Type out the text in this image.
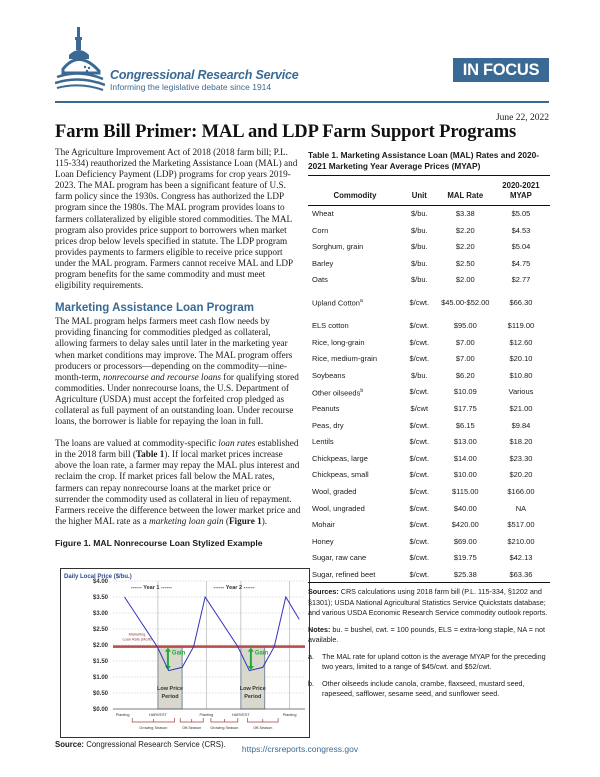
Congressional Research Service
Informing the legislative debate since 1914
IN FOCUS
June 22, 2022
Farm Bill Primer: MAL and LDP Farm Support Programs

The Agriculture Improvement Act of 2018 (2018 farm bill; P.L. 115-334) reauthorized the Marketing Assistance Loan (MAL) and Loan Deficiency Payment (LDP) programs for crop years 2019-2023. The MAL program has been a significant feature of U.S. farm policy since the 1930s. Congress has authorized the LDP program since the 1980s. The MAL program provides loans to farmers collateralized by eligible stored commodities. The MAL program also provides price support to borrowers when market prices drop below levels specified in statute. The LDP program provides payments to farmers eligible to receive price support under the MAL program. Farmers cannot receive MAL and LDP program benefits for the same commodity and must meet eligibility requirements.

Marketing Assistance Loan Program

The MAL program helps farmers meet cash flow needs by providing financing for commodities pledged as collateral, allowing farmers to delay sales until later in the marketing year when market conditions may improve. The MAL program offers producers or processors—depending on the commodity—nine-month-term, nonrecourse and recourse loans for qualifying stored commodities. Under nonrecourse loans, the U.S. Department of Agriculture (USDA) must accept the forfeited crop pledged as collateral as full payment of an outstanding loan. Under recourse loans, the borrower is liable for repaying the loan in full.

The loans are valued at commodity-specific loan rates established in the 2018 farm bill (Table 1). If local market prices increase above the loan rate, a farmer may repay the MAL plus interest and reclaim the crop. If market prices fall below the MAL rates, farmers can repay nonrecourse loans at the market price or surrender the commodity used as collateral in lieu of repayment. Farmers receive the difference between the lower market price and the higher MAL rate as a marketing loan gain (Figure 1).

Figure 1. MAL Nonrecourse Loan Stylized Example
Daily Local Price ($/bu.)
$0.00
$0.50
$1.00
$1.50
$2.00
$2.50
$3.00
$3.50
$4.00
Low Price
Period
Gain
Low Price
Period
Gain
Marketing
Loan Rate (MLR)
------ Year 1 ------	------ Year 2 ------
Planting	HARVEST	Planting	HARVEST	Planting
Growing Season	Off-Season Growing Season	Off-Season
Source: Congressional Research Service (CRS).
Table 1. Marketing Assistance Loan (MAL) Rates and 2020-2021 Marketing Year Average Prices (MYAP)
Commodity	Unit	MAL Rate	2020-2021 MYAP
Wheat	$/bu.	$3.38	$5.05
Corn	$/bu.	$2.20	$4.53
Sorghum, grain	$/bu.	$2.20	$5.04
Barley	$/bu.	$2.50	$4.75
Oats	$/bu.	$2.00	$2.77
Upland Cotton$^a$	$/cwt.	$45.00-$52.00	$66.30
ELS cotton	$/cwt.	$95.00	$119.00
Rice, long-grain	$/cwt.	$7.00	$12.60
Rice, medium-grain	$/cwt.	$7.00	$20.10
Soybeans	$/bu.	$6.20	$10.80
Other oilseeds$^b$	$/cwt.	$10.09	Various
Peanuts	$/cwt	$17.75	$21.00
Peas, dry	$/cwt.	$6.15	$9.84
Lentils	$/cwt.	$13.00	$18.20
Chickpeas, large	$/cwt.	$14.00	$23.30
Chickpeas, small	$/cwt.	$10.00	$20.20
Wool, graded	$/cwt.	$115.00	$166.00
Wool, ungraded	$/cwt.	$40.00	NA
Mohair	$/cwt.	$420.00	$517.00
Honey	$/cwt.	$69.00	$210.00
Sugar, raw cane	$/cwt.	$19.75	$42.13
Sugar, refined beet	$/cwt.	$25.38	$63.36

Sources: CRS calculations using 2018 farm bill (P.L. 115-334, §1202 and §1301); USDA National Agricultural Statistics Service Quickstats database; and various USDA Economic Research Service commodity outlook reports.

Notes: bu. = bushel, cwt. = 100 pounds, ELS = extra-long staple, NA = not available.

a.	The MAL rate for upland cotton is the average MYAP for the preceding two years, limited to a range of $45/cwt. and $52/cwt.
b.	Other oilseeds include canola, crambe, flaxseed, mustard seed, rapeseed, safflower, sesame seed, and sunflower seed.
https://crsreports.congress.gov
